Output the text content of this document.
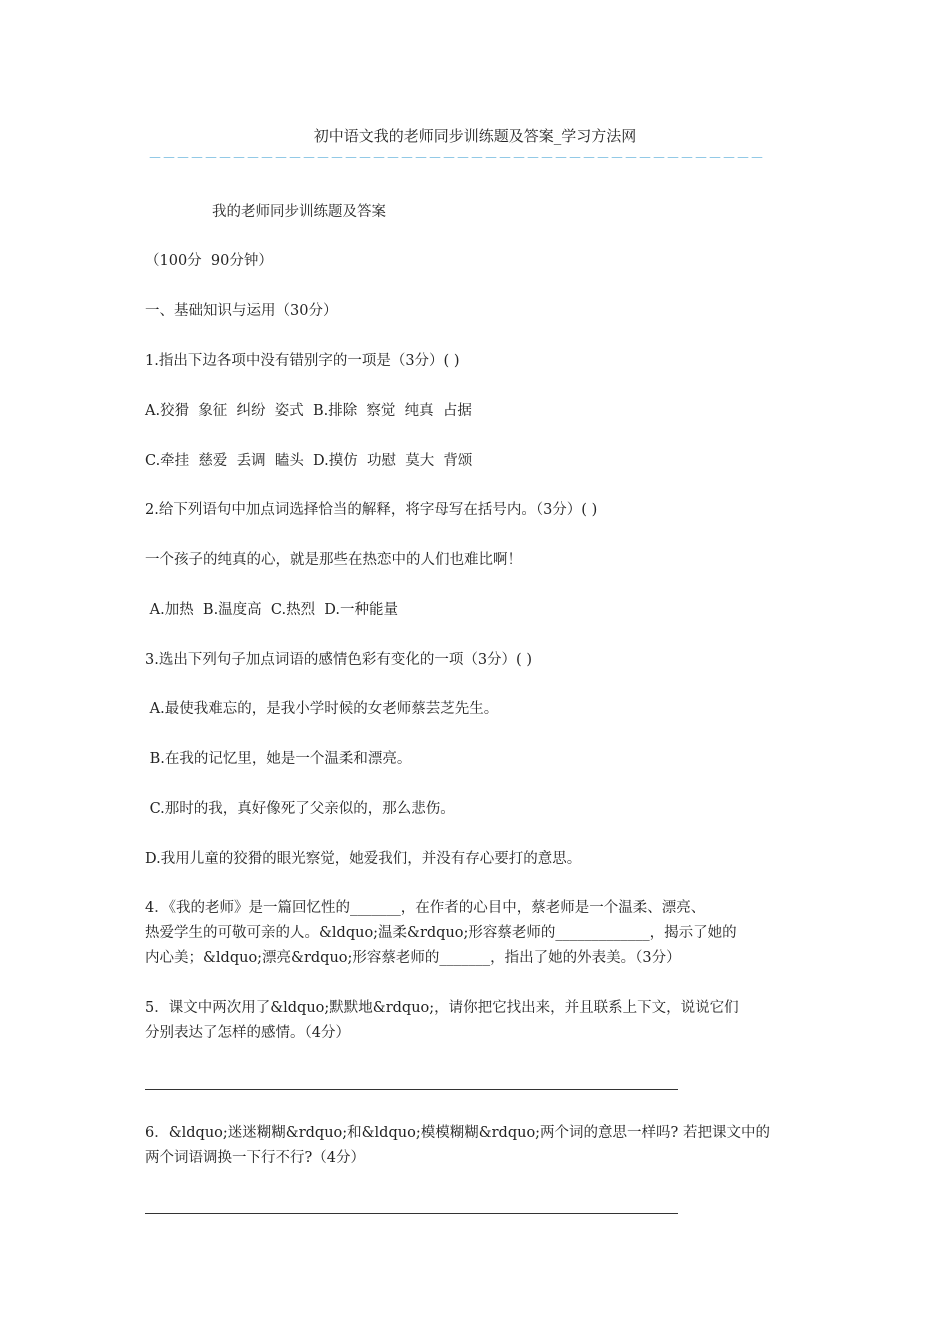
初中语文我的老师同步训练题及答案_学习方法网
－－－－－－－－－－－－－－－－－－－－－－－－－－－－－－－－－－－－－－－－－－－－
我的老师同步训练题及答案
（100分  90分钟）
一、基础知识与运用（30分）
1.指出下边各项中没有错别字的一项是（3分）( )
A.狡猾  象征  纠纷  姿式  B.排除  察觉  纯真  占据
C.牵挂  慈爱  丢调  瞌头  D.摸仿  功慰  莫大  背颂
2.给下列语句中加点词选择恰当的解释，将字母写在括号内。（3分）( )
一个孩子的纯真的心，就是那些在热恋中的人们也难比啊！
A.加热  B.温度高  C.热烈  D.一种能量
3.选出下列句子加点词语的感情色彩有变化的一项（3分）( )
A.最使我难忘的，是我小学时候的女老师蔡芸芝先生。
B.在我的记忆里，她是一个温柔和漂亮。
C.那时的我，真好像死了父亲似的，那么悲伤。
D.我用儿童的狡猾的眼光察觉，她爱我们，并没有存心要打的意思。
4．《我的老师》是一篇回忆性的_______，在作者的心目中，蔡老师是一个温柔、漂亮、
热爱学生的可敬可亲的人。&ldquo;温柔&rdquo;形容蔡老师的_____________，揭示了她的
内心美；&ldquo;漂亮&rdquo;形容蔡老师的_______，指出了她的外表美。（3分）
5．课文中两次用了&ldquo;默默地&rdquo;，请你把它找出来，并且联系上下文，说说它们
分别表达了怎样的感情。（4分）
6．&ldquo;迷迷糊糊&rdquo;和&ldquo;模模糊糊&rdquo;两个词的意思一样吗? 若把课文中的
两个词语调换一下行不行?（4分）
